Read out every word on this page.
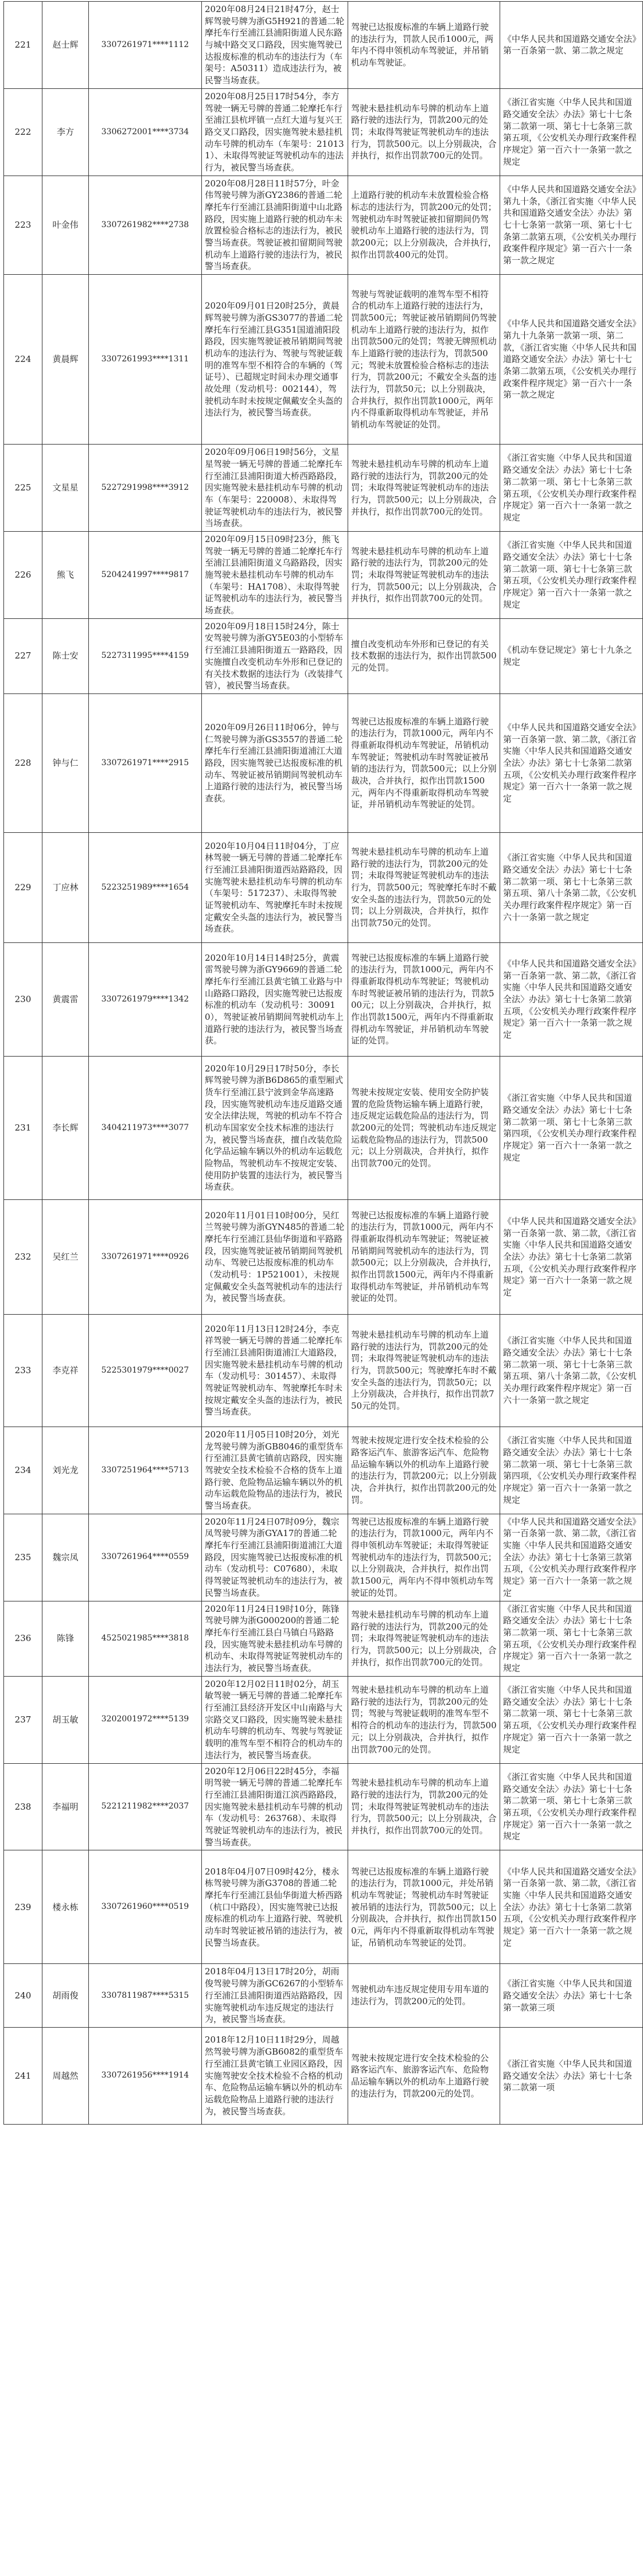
221	赵士辉	3307261971****1112	2020年08月24日21时47分，赵士辉驾驶号牌为浙G5H921的普通二轮摩托车行至浦江县浦阳街道人民东路与城中路交叉口路段，因实施驾驶已达报废标准的机动车的违法行为（车架号：A50311）造成违法行为，被民警当场查获。	驾驶已达报废标准的车辆上道路行驶的违法行为，罚款人民币1000元，两年内不得申领机动车驾驶证，并吊销机动车驾驶证。	《中华人民共和国道路交通安全法》第一百条第一款、第二款之规定
222	李方	3306272001****3734	2020年08月25日17时54分，李方驾驶一辆无号牌的普通二轮摩托车行至浦江县杭坪镇一点红大道与复兴王路交叉口路段，因实施驾驶未悬挂机动车号牌的机动车（车架号：210131）、未取得驾驶证驾驶机动车的违法行为，被民警当场查获。	驾驶未悬挂机动车号牌的机动车上道路行驶的违法行为，罚款200元的处罚；未取得驾驶证驾驶机动车的违法行为，罚款500元。以上分别裁决，合并执行，拟作出罚款700元的处罚。	《浙江省实施〈中华人民共和国道路交通安全法〉办法》第七十七条第二款第一项、第七十七条第三款第五项，《公安机关办理行政案件程序规定》第一百六十一条第一款之规定
223	叶金伟	3307261982****2738	2020年08月28日11时57分，叶金伟驾驶号牌为浙GY2386的普通二轮摩托车行至浦江县浦阳街道中山北路路段，因实施上道路行驶的机动车未放置检验合格标志的违法行为，被民警当场查获。驾驶证被扣留期间驾驶机动车上道路行驶的违法行为，被民警当场查获。	上道路行驶的机动车未放置检验合格标志的违法行为，罚款200元的处罚；驾驶机动车时驾驶证被扣留期间仍驾驶机动车上道路行驶的违法行为，罚款200元；以上分别裁决，合并执行，拟作出罚款400元的处罚。	《中华人民共和国道路交通安全法》第九十条，《浙江省实施〈中华人民共和国道路交通安全法〉办法》第七十七条第一款第一项、第七十七条第二款第五项，《公安机关办理行政案件程序规定》第一百六十一条第一款之规定
224	黄晨辉	3307261993****1311	2020年09月01日20时25分，黄晨辉驾驶号牌为浙GS3077的普通二轮摩托车行至浦江县G351国道浦阳段路段，因实施驾驶证被吊销期间驾驶机动车的违法行为、驾驶与驾驶证载明的准驾车型不相符合的车辆的（驾证号）、已超规定时间未办理交通事故处理（发动机号：002144），驾驶机动车时未按规定佩戴安全头盔的违法行为，被民警当场查获。	驾驶与驾驶证载明的准驾车型不相符合的机动车上道路行驶的违法行为，罚款500元；驾驶证被吊销期间仍驾驶机动车上道路行驶的违法行为，拟作出罚款500元的处罚；驾驶无牌照机动车上道路行驶的违法行为，罚款500元；驾驶未放置检验合格标志的违法行为，罚款200元；不戴安全头盔的违法行为，罚款50元；以上分别裁决，合并执行，拟作出罚款1000元，两年内不得重新取得机动车驾驶证，并吊销机动车驾驶证的处罚。	《中华人民共和国道路交通安全法》第九十九条第一款第一项、第二款，《浙江省实施〈中华人民共和国道路交通安全法〉办法》第七十七条第二款第五项，《公安机关办理行政案件程序规定》第一百六十一条第一款之规定
225	文星星	5227291998****3912	2020年09月06日19时56分，文星星驾驶一辆无号牌的普通二轮摩托车行至浦江县浦阳街道大桥西路路段，因实施驾驶未悬挂机动车号牌的机动车（车架号：220008）、未取得驾驶证驾驶机动车的违法行为，被民警当场查获。	驾驶未悬挂机动车号牌的机动车上道路行驶的违法行为，罚款200元的处罚；未取得驾驶证驾驶机动车的违法行为，罚款500元；以上分别裁决，合并执行，拟作出罚款700元的处罚。	《浙江省实施〈中华人民共和国道路交通安全法〉办法》第七十七条第二款第一项、第七十七条第三款第五项，《公安机关办理行政案件程序规定》第一百六十一条第一款之规定
226	熊飞	5204241997****9817	2020年09月15日09时23分，熊飞驾驶一辆无号牌的普通二轮摩托车行至浦江县浦阳街道义乌路路段，因实施驾驶未悬挂机动车号牌的机动车（车架号：HA1708）、未取得驾驶证驾驶机动车的违法行为，被民警当场查获。	驾驶未悬挂机动车号牌的机动车上道路行驶的违法行为，罚款200元的处罚；未取得驾驶证驾驶机动车的违法行为，罚款500元；以上分别裁决，合并执行，拟作出罚款700元的处罚。	《浙江省实施〈中华人民共和国道路交通安全法〉办法》第七十七条第二款第一项、第七十七条第三款第五项，《公安机关办理行政案件程序规定》第一百六十一条第一款之规定
227	陈士安	5227311995****4159	2020年09月18日15时24分，陈士安驾驶号牌为浙GY5E03的小型轿车行至浦江县浦阳街道五一路路段，因实施擅自改变机动车外形和已登记的有关技术数据的违法行为（改装排气管），被民警当场查获。	擅自改变机动车外形和已登记的有关技术数据的违法行为，拟作出罚款500元的处罚。	《机动车登记规定》第七十九条之规定
228	钟与仁	3307261971****2915	2020年09月26日11时06分，钟与仁驾驶号牌为浙GS3557的普通二轮摩托车行至浦江县浦阳街道浦江大道路段，因实施驾驶已达报废标准的机动车、驾驶证被吊销期间驾驶机动车上道路行驶的违法行为，被民警当场查获。	驾驶已达报废标准的车辆上道路行驶的违法行为，罚款1000元，两年内不得重新取得机动车驾驶证，吊销机动车驾驶证；驾驶机动车时驾驶证被吊销的违法行为，罚款500元；以上分别裁决，合并执行，拟作出罚款1500元，两年内不得重新取得机动车驾驶证，并吊销机动车驾驶证的处罚。	《中华人民共和国道路交通安全法》第一百条第一款、第二款，《浙江省实施〈中华人民共和国道路交通安全法〉办法》第七十七条第二款第五项，《公安机关办理行政案件程序规定》第一百六十一条第一款之规定
229	丁应林	5223251989****1654	2020年10月04日11时04分，丁应林驾驶一辆无号牌的普通二轮摩托车行至浦江县浦阳街道西站路路段，因实施驾驶未悬挂机动车号牌的机动车（车架号：517237）、未取得驾驶证驾驶机动车、驾驶摩托车时未按规定戴安全头盔的违法行为，被民警当场查获。	驾驶未悬挂机动车号牌的机动车上道路行驶的违法行为，罚款200元的处罚；未取得驾驶证驾驶机动车的违法行为，罚款500元；驾驶摩托车时不戴安全头盔的违法行为，罚款50元的处罚；以上分别裁决，合并执行，拟作出罚款750元的处罚。	《浙江省实施〈中华人民共和国道路交通安全法〉办法》第七十七条第二款第一项、第七十七条第三款第五项、第八十条第二款，《公安机关办理行政案件程序规定》第一百六十一条第一款之规定
230	黄震雷	3307261979****1342	2020年10月14日14时25分，黄震雷驾驶号牌为浙GY9669的普通二轮摩托车行至浦江县黄宅镇工业路与中山路路口路段，因实施驾驶已达报废标准的机动车（发动机号：300910），驾驶证被吊销期间驾驶机动车上道路行驶的违法行为，被民警当场查获。	驾驶已达报废标准的车辆上道路行驶的违法行为，罚款1000元，两年内不得重新取得机动车驾驶证；驾驶机动车时驾驶证被吊销的违法行为，罚款500元；以上分别裁决，合并执行，拟作出罚款1500元，两年内不得重新取得机动车驾驶证，并吊销机动车驾驶证的处罚。	《中华人民共和国道路交通安全法》第一百条第一款、第二款，《浙江省实施〈中华人民共和国道路交通安全法〉办法》第七十七条第二款第五项，《公安机关办理行政案件程序规定》第一百六十一条第一款之规定
231	李长辉	3404211973****3077	2020年10月29日17时50分，李长辉驾驶号牌为浙B6D865的重型厢式货车行至浦江县宁波到金华高速路段，因实施驾驶机动车违反道路交通安全法律法规，驾驶的机动车不符合机动车国家安全技术标准的违法行为，被民警当场查获，擅自改装危险化学品运输车辆以外的机动车运载危险物品，驾驶机动车不按规定安装、使用防护装置的违法行为，被民警当场查获。	驾驶未按规定安装、使用安全防护装置的危险货物运输车辆上道路行驶，违反规定运载危险品的违法行为，罚款200元的处罚；驾驶机动车违反规定运载危险物品的违法行为，罚款500元；以上分别裁决，合并执行，拟作出罚款700元的处罚。	《浙江省实施〈中华人民共和国道路交通安全法〉办法》第七十七条第二款第一项、第七十七条第三款第四项，《公安机关办理行政案件程序规定》第一百六十一条第一款之规定
232	吴红兰	3307261971****0926	2020年11月01日10时00分，吴红兰驾驶号牌为浙GYN485的普通二轮摩托车行至浦江县仙华街道和平路路段，因实施驾驶证被吊销期间驾驶机动车、驾驶已达报废标准的机动车（发动机号：1P521001），未按规定佩戴安全头盔驾驶机动车的违法行为，被民警当场查获。	驾驶已达报废标准的车辆上道路行驶的违法行为，罚款1000元，两年内不得重新取得机动车驾驶证；驾驶证被吊销期间驾驶机动车的违法行为，罚款500元；以上分别裁决，合并执行，拟作出罚款1500元，两年内不得重新取得机动车驾驶证，并吊销机动车驾驶证的处罚。	《中华人民共和国道路交通安全法》第一百条第一款、第二款，《浙江省实施〈中华人民共和国道路交通安全法〉办法》第七十七条第二款第五项，《公安机关办理行政案件程序规定》第一百六十一条第一款之规定
233	李克祥	5225301979****0027	2020年11月13日12时24分，李克祥驾驶一辆无号牌的普通二轮摩托车行至浦江县浦阳街道浦江大道路段，因实施驾驶未悬挂机动车号牌的机动车（发动机号：301457）、未取得驾驶证驾驶机动车、驾驶摩托车时未按规定戴安全头盔的违法行为，被民警当场查获。	驾驶未悬挂机动车号牌的机动车上道路行驶的违法行为，罚款200元的处罚；未取得驾驶证驾驶机动车的违法行为，罚款500元；驾驶摩托车时不戴安全头盔的违法行为，罚款50元；以上分别裁决，合并执行，拟作出罚款750元的处罚。	《浙江省实施〈中华人民共和国道路交通安全法〉办法》第七十七条第二款第一项、第七十七条第三款第五项、第八十条第二款，《公安机关办理行政案件程序规定》第一百六十一条第一款之规定
234	刘光龙	3307251964****5713	2020年11月05日10时20分，刘光龙驾驶号牌为浙GB8046的重型货车行至浦江县黄宅镇前店路段，因实施驾驶安全技术检验不合格的货车上道路行驶、危险物品运输车辆以外的机动车运载危险物品的违法行为，被民警当场查获。	驾驶未按规定进行安全技术检验的公路客运汽车、旅游客运汽车、危险物品运输车辆以外的机动车上道路行驶的违法行为，罚款200元；以上分别裁决，合并执行，拟作出罚款200元的处罚。	《浙江省实施〈中华人民共和国道路交通安全法〉办法》第七十七条第二款第一项、第七十七条第三款第四项，《公安机关办理行政案件程序规定》第一百六十一条第一款之规定
235	魏宗凤	3307261964****0559	2020年11月24日07时09分，魏宗凤驾驶号牌为浙GYA17的普通二轮摩托车行至浦江县浦阳街道浦江大道路段，因实施驾驶已达报废标准的机动车（发动机号：C07680），未取得驾驶证驾驶机动车的违法行为，被民警当场查获。	驾驶已达报废标准的车辆上道路行驶的违法行为，罚款1000元，两年内不得申领机动车驾驶证；未取得驾驶证驾驶机动车的违法行为，罚款500元；以上分别裁决，合并执行，拟作出罚款1500元，两年内不得申领机动车驾驶证的处罚。	《中华人民共和国道路交通安全法》第一百条第一款、第二款，《浙江省实施〈中华人民共和国道路交通安全法〉办法》第七十七条第三款第五项，《公安机关办理行政案件程序规定》第一百六十一条第一款之规定
236	陈锋	4525021985****3818	2020年11月24日19时10分，陈锋驾驶号牌为浙G000200的普通二轮摩托车行至浦江县白马镇白马路路段，因实施驾驶未悬挂机动车号牌的机动车、未取得驾驶证驾驶机动车的违法行为，被民警当场查获。	驾驶未悬挂机动车号牌的机动车上道路行驶的违法行为，罚款200元的处罚；未取得驾驶证驾驶机动车的违法行为，罚款500元；以上分别裁决，合并执行，拟作出罚款700元的处罚。	《浙江省实施〈中华人民共和国道路交通安全法〉办法》第七十七条第二款第一项、第七十七条第三款第五项，《公安机关办理行政案件程序规定》第一百六十一条第一款之规定
237	胡玉敏	3202001972****5139	2020年12月02日11时02分，胡玉敏驾驶一辆无号牌的普通二轮摩托车行至浦江县经济开发区中山南路与大宗路交叉口路段，因实施驾驶未悬挂机动车号牌的机动车、驾驶与驾驶证载明的准驾车型不相符合的机动车的违法行为，被民警当场查获。	驾驶未悬挂机动车号牌的机动车上道路行驶的违法行为，罚款200元的处罚；驾驶与驾驶证载明的准驾车型不相符合的机动车的违法行为，罚款500元；以上分别裁决，合并执行，拟作出罚款700元的处罚。	《浙江省实施〈中华人民共和国道路交通安全法〉办法》第七十七条第二款第一项、第七十七条第三款第五项，《公安机关办理行政案件程序规定》第一百六十一条第一款之规定
238	李福明	5221211982****2037	2020年12月06日22时45分，李福明驾驶一辆无号牌的普通二轮摩托车行至浦江县浦阳街道江滨西路路段，因实施驾驶未悬挂机动车号牌的机动车（发动机号：263768）、未取得驾驶证驾驶机动车的违法行为，被民警当场查获。	驾驶未悬挂机动车号牌的机动车上道路行驶的违法行为，罚款200元的处罚；未取得驾驶证驾驶机动车的违法行为，罚款500元；以上分别裁决，合并执行，拟作出罚款700元的处罚。	《浙江省实施〈中华人民共和国道路交通安全法〉办法》第七十七条第二款第一项、第七十七条第三款第五项，《公安机关办理行政案件程序规定》第一百六十一条第一款之规定
239	楼永栋	3307261960****0519	2018年04月07日09时42分，楼永栋驾驶号牌为浙G3708的普通二轮摩托车行至浦江县仙华街道大桥西路（杭口中路段），因实施驾驶已达报废标准的机动车上道路行驶、驾驶机动车时驾驶证被吊销的违法行为，被民警当场查获。	驾驶已达报废标准的车辆上道路行驶的违法行为，罚款1000元，并处吊销机动车驾驶证；驾驶机动车时驾驶证被吊销的违法行为，罚款500元；以上分别裁决，合并执行，拟作出罚款1500元，两年内不得重新取得机动车驾驶证，吊销机动车驾驶证的处罚。	《中华人民共和国道路交通安全法》第一百条第一款、第二款，《浙江省实施〈中华人民共和国道路交通安全法〉办法》第七十七条第二款第五项，《公安机关办理行政案件程序规定》第一百六十一条第一款之规定
240	胡雨俊	3307811987****5315	2018年04月13日17时20分，胡雨俊驾驶号牌为浙GC6267的小型轿车行至浦江县浦阳街道西站路路段，因实施驾驶机动车违反规定的违法行为，被民警当场查获。	驾驶机动车违反规定使用专用车道的违法行为，罚款200元的处罚。	《浙江省实施〈中华人民共和国道路交通安全法〉办法》第七十七条第一款第三项
241	周越然	3307261956****1914	2018年12月10日11时29分，周越然驾驶号牌为浙GB6082的重型货车行至浦江县黄宅镇工业园区路段，因实施驾驶安全技术检验不合格的机动车、危险物品运输车辆以外的机动车运载危险物品上道路行驶的违法行为，被民警当场查获。	驾驶未按规定进行安全技术检验的公路客运汽车、旅游客运汽车、危险物品运输车辆以外的机动车上道路行驶的违法行为，罚款200元的处罚。	《浙江省实施〈中华人民共和国道路交通安全法〉办法》第七十七条第二款第一项
